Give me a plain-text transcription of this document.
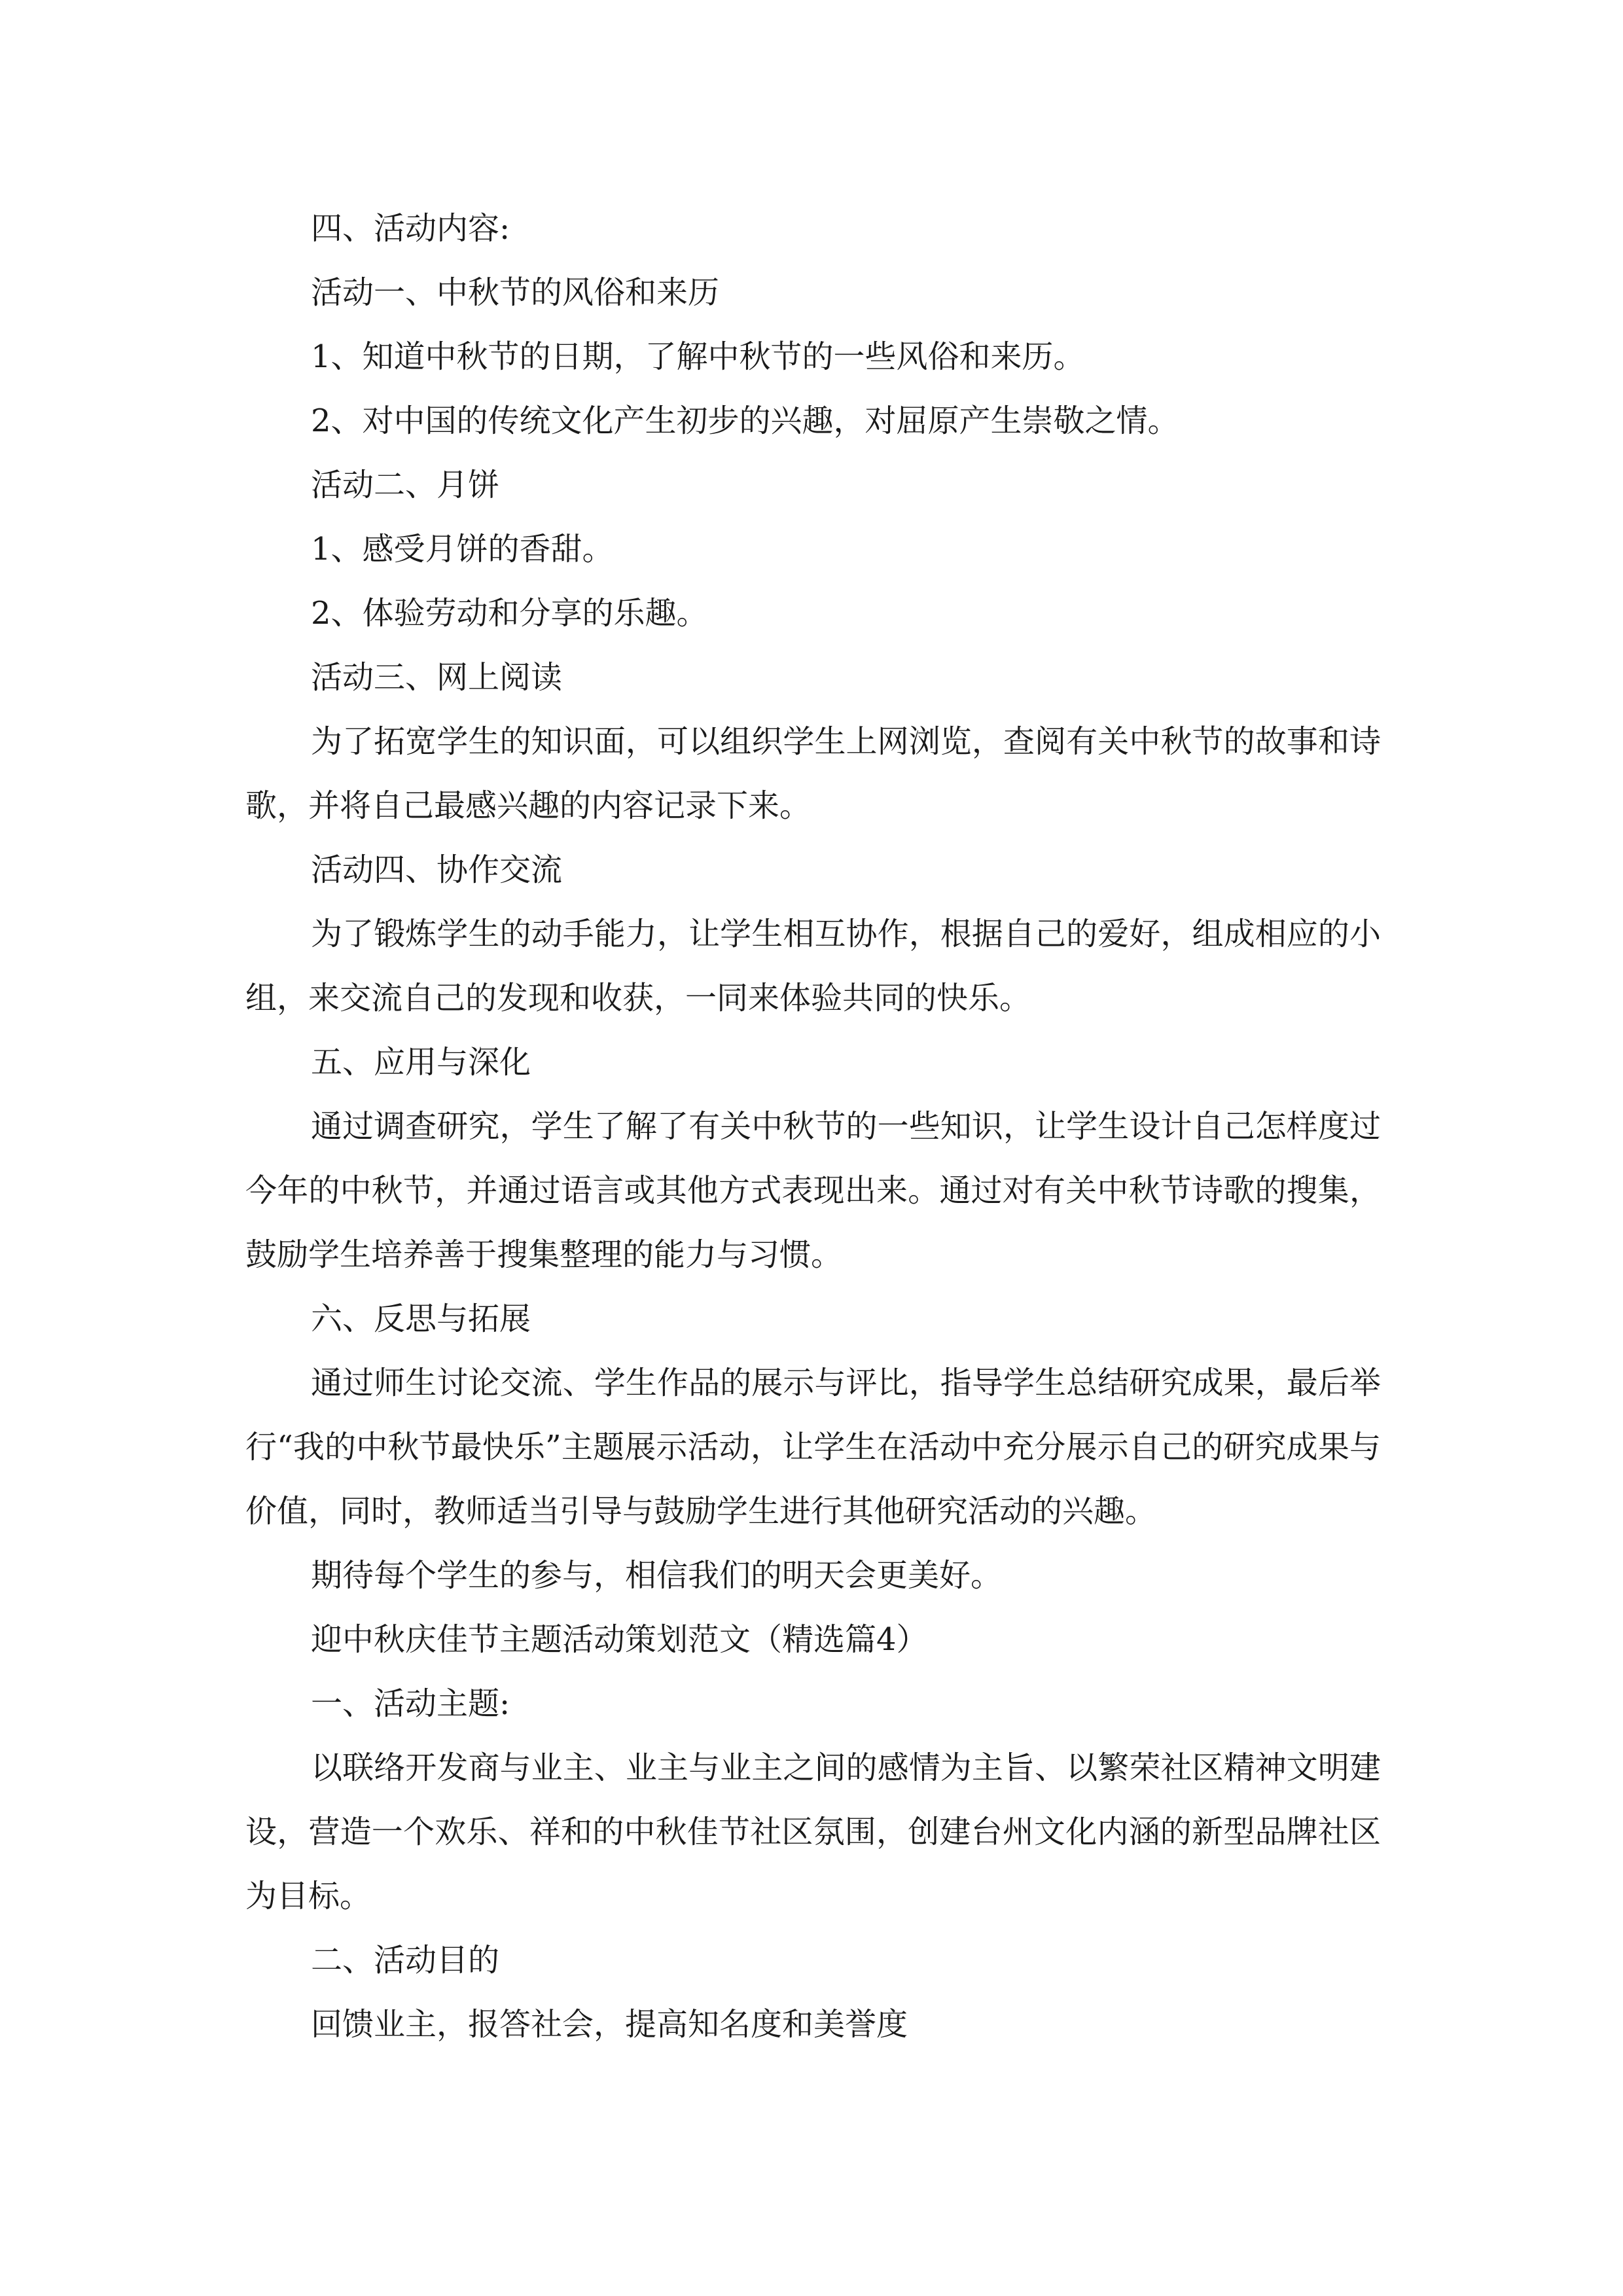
四、活动内容:

活动一、中秋节的风俗和来历

1、知道中秋节的日期，了解中秋节的一些风俗和来历。

2、对中国的传统文化产生初步的兴趣，对屈原产生崇敬之情。

活动二、月饼

1、感受月饼的香甜。

2、体验劳动和分享的乐趣。

活动三、网上阅读

为了拓宽学生的知识面，可以组织学生上网浏览，查阅有关中秋节的故事和诗歌，并将自己最感兴趣的内容记录下来。

活动四、协作交流

为了锻炼学生的动手能力，让学生相互协作，根据自己的爱好，组成相应的小组，来交流自己的发现和收获，一同来体验共同的快乐。

五、应用与深化

通过调查研究，学生了解了有关中秋节的一些知识，让学生设计自己怎样度过今年的中秋节，并通过语言或其他方式表现出来。通过对有关中秋节诗歌的搜集，鼓励学生培养善于搜集整理的能力与习惯。

六、反思与拓展

通过师生讨论交流、学生作品的展示与评比，指导学生总结研究成果，最后举行“我的中秋节最快乐”主题展示活动，让学生在活动中充分展示自己的研究成果与价值，同时，教师适当引导与鼓励学生进行其他研究活动的兴趣。

期待每个学生的参与，相信我们的明天会更美好。

迎中秋庆佳节主题活动策划范文（精选篇4）

一、活动主题:

以联络开发商与业主、业主与业主之间的感情为主旨、以繁荣社区精神文明建设，营造一个欢乐、祥和的中秋佳节社区氛围，创建台州文化内涵的新型品牌社区为目标。

二、活动目的

回馈业主，报答社会，提高知名度和美誉度
